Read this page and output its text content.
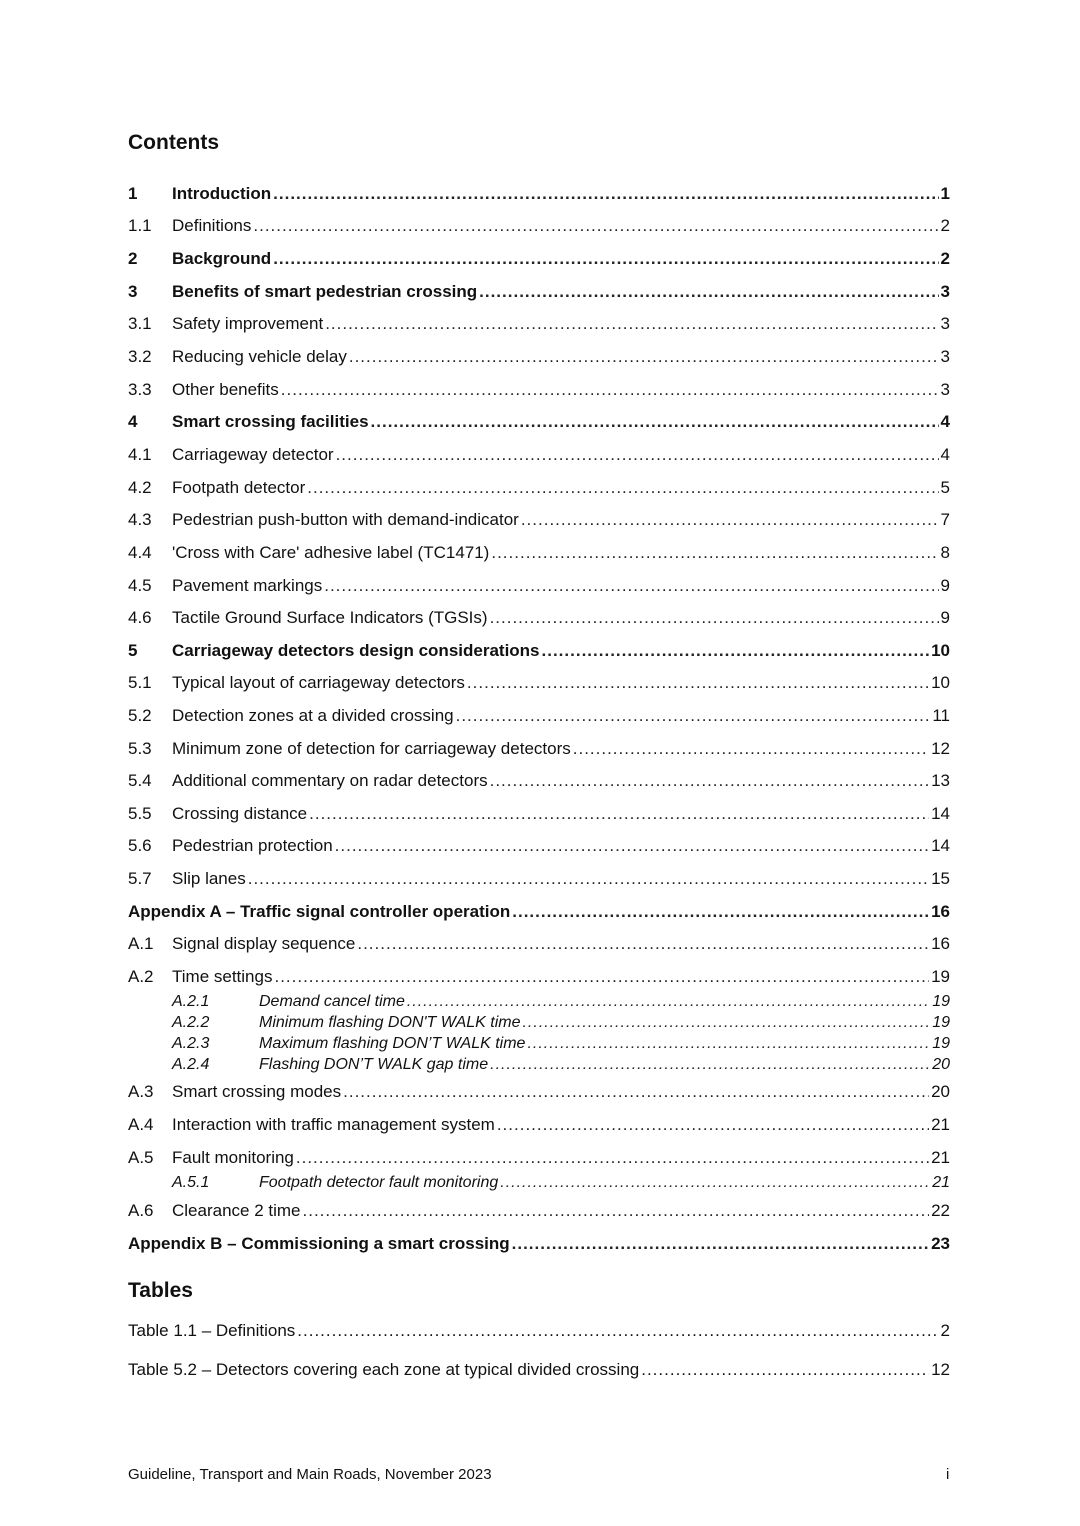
Contents
1	Introduction .....	1
1.1	Definitions .....	2
2	Background .....	2
3	Benefits of smart pedestrian crossing .....	3
3.1	Safety improvement .....	3
3.2	Reducing vehicle delay .....	3
3.3	Other benefits .....	3
4	Smart crossing facilities .....	4
4.1	Carriageway detector .....	4
4.2	Footpath detector .....	5
4.3	Pedestrian push-button with demand-indicator .....	7
4.4	'Cross with Care' adhesive label (TC1471) .....	8
4.5	Pavement markings .....	9
4.6	Tactile Ground Surface Indicators (TGSIs) .....	9
5	Carriageway detectors design considerations .....	10
5.1	Typical layout of carriageway detectors .....	10
5.2	Detection zones at a divided crossing .....	11
5.3	Minimum zone of detection for carriageway detectors .....	12
5.4	Additional commentary on radar detectors .....	13
5.5	Crossing distance .....	14
5.6	Pedestrian protection .....	14
5.7	Slip lanes .....	15
Appendix A – Traffic signal controller operation .....	16
A.1	Signal display sequence .....	16
A.2	Time settings .....	19
A.2.1	Demand cancel time .....	19
A.2.2	Minimum flashing DON'T WALK time .....	19
A.2.3	Maximum flashing DON’T WALK time .....	19
A.2.4	Flashing DON’T WALK gap time .....	20
A.3	Smart crossing modes .....	20
A.4	Interaction with traffic management system .....	21
A.5	Fault monitoring .....	21
A.5.1	Footpath detector fault monitoring .....	21
A.6	Clearance 2 time .....	22
Appendix B – Commissioning a smart crossing .....	23
Tables
Table 1.1 – Definitions .....	2
Table 5.2 – Detectors covering each zone at typical divided crossing .....	12
Guideline, Transport and Main Roads, November 2023	i
